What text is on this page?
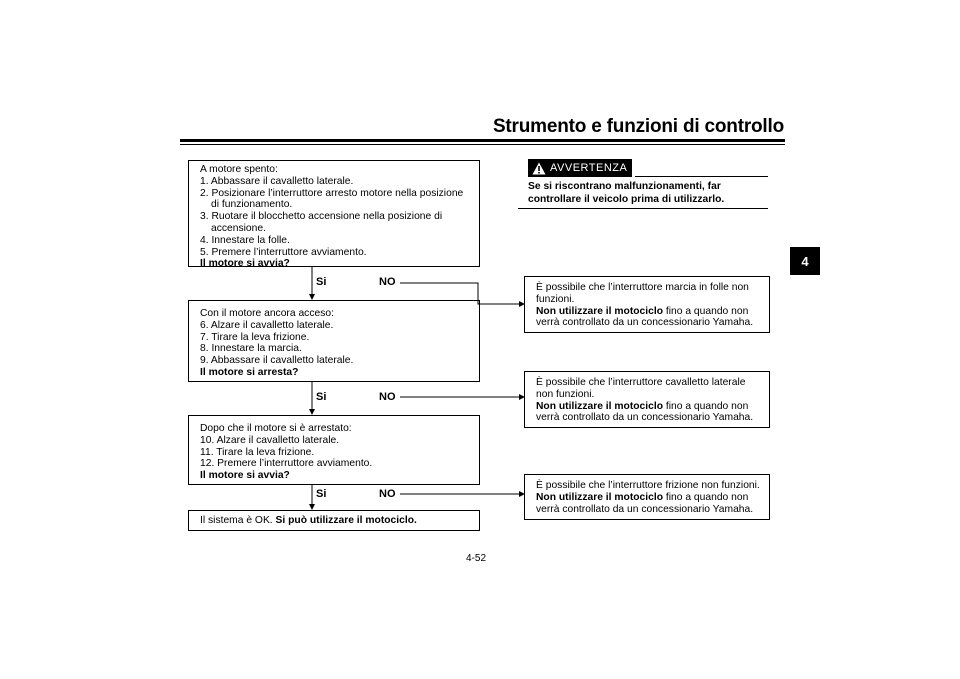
Strumento e funzioni di controllo
4
A motore spento:
1. Abbassare il cavalletto laterale.
2. Posizionare l’interruttore arresto motore nella posizione
di funzionamento.
3. Ruotare il blocchetto accensione nella posizione di
accensione.
4. Innestare la folle.
5. Premere l’interruttore avviamento.
Il motore si avvia?
Si	NO
Con il motore ancora acceso:
6. Alzare il cavalletto laterale.
7. Tirare la leva frizione.
8. Innestare la marcia.
9. Abbassare il cavalletto laterale.
Il motore si arresta?
Si	NO
Dopo che il motore si è arrestato:
10. Alzare il cavalletto laterale.
11. Tirare la leva frizione.
12. Premere l’interruttore avviamento.
Il motore si avvia?
Si	NO
Il sistema è OK. Si può utilizzare il motociclo.
AVVERTENZA
Se si riscontrano malfunzionamenti, far
controllare il veicolo prima di utilizzarlo.
È possibile che l’interruttore marcia in folle non
funzioni.
Non utilizzare il motociclo fino a quando non
verrà controllato da un concessionario Yamaha.
È possibile che l’interruttore cavalletto laterale
non funzioni.
Non utilizzare il motociclo fino a quando non
verrà controllato da un concessionario Yamaha.
È possibile che l’interruttore frizione non funzioni.
Non utilizzare il motociclo fino a quando non
verrà controllato da un concessionario Yamaha.
4-52
